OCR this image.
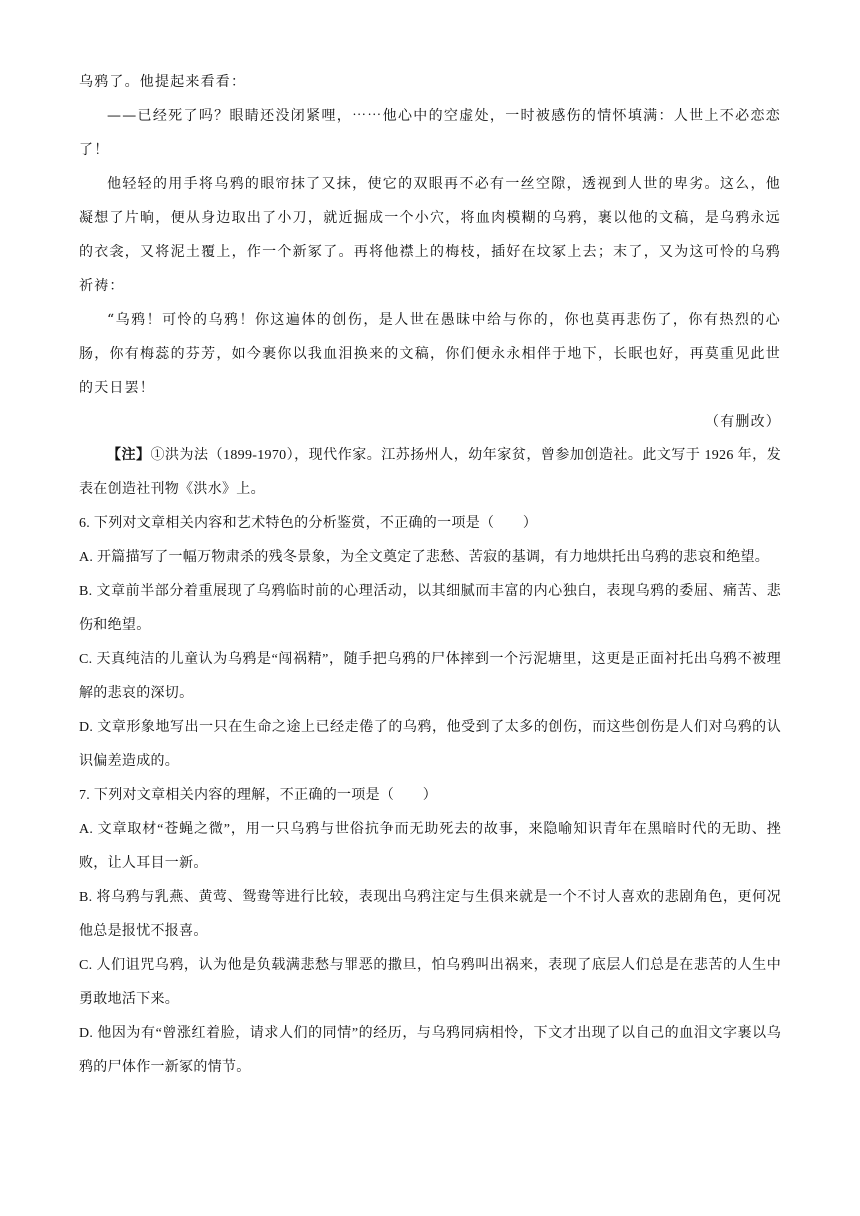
乌鸦了。他提起来看看：

——已经死了吗？眼睛还没闭紧哩，⋯⋯他心中的空虚处，一时被感伤的情怀填满：人世上不必恋恋了！

他轻轻的用手将乌鸦的眼帘抹了又抹，使它的双眼再不必有一丝空隙，透视到人世的卑劣。这么，他凝想了片晌，便从身边取出了小刀，就近掘成一个小穴，将血肉模糊的乌鸦，裹以他的文稿，是乌鸦永远的衣衾，又将泥土覆上，作一个新冢了。再将他襟上的梅枝，插好在坟冢上去；末了，又为这可怜的乌鸦祈祷：

“乌鸦！可怜的乌鸦！你这遍体的创伤，是人世在愚昧中给与你的，你也莫再悲伤了，你有热烈的心肠，你有梅蕊的芬芳，如今裹你以我血泪换来的文稿，你们便永永相伴于地下，长眠也好，再莫重见此世的天日罢！

（有删改）

【注】①洪为法（1899-1970），现代作家。江苏扬州人，幼年家贫，曾参加创造社。此文写于 1926 年，发表在创造社刊物《洪水》上。

6. 下列对文章相关内容和艺术特色的分析鉴赏，不正确的一项是（　　）

A. 开篇描写了一幅万物肃杀的残冬景象，为全文奠定了悲愁、苦寂的基调，有力地烘托出乌鸦的悲哀和绝望。

B. 文章前半部分着重展现了乌鸦临时前的心理活动，以其细腻而丰富的内心独白，表现乌鸦的委屈、痛苦、悲伤和绝望。

C. 天真纯洁的儿童认为乌鸦是“闯祸精”，随手把乌鸦的尸体摔到一个污泥塘里，这更是正面衬托出乌鸦不被理解的悲哀的深切。

D. 文章形象地写出一只在生命之途上已经走倦了的乌鸦，他受到了太多的创伤，而这些创伤是人们对乌鸦的认识偏差造成的。

7. 下列对文章相关内容的理解，不正确的一项是（　　）

A. 文章取材“苍蝇之微”，用一只乌鸦与世俗抗争而无助死去的故事，来隐喻知识青年在黑暗时代的无助、挫败，让人耳目一新。

B. 将乌鸦与乳燕、黄莺、鸳鸯等进行比较，表现出乌鸦注定与生俱来就是一个不讨人喜欢的悲剧角色，更何况他总是报忧不报喜。

C. 人们诅咒乌鸦，认为他是负载满悲愁与罪恶的撒旦，怕乌鸦叫出祸来，表现了底层人们总是在悲苦的人生中勇敢地活下来。

D. 他因为有“曾涨红着脸，请求人们的同情”的经历，与乌鸦同病相怜，下文才出现了以自己的血泪文字裹以乌鸦的尸体作一新冢的情节。
